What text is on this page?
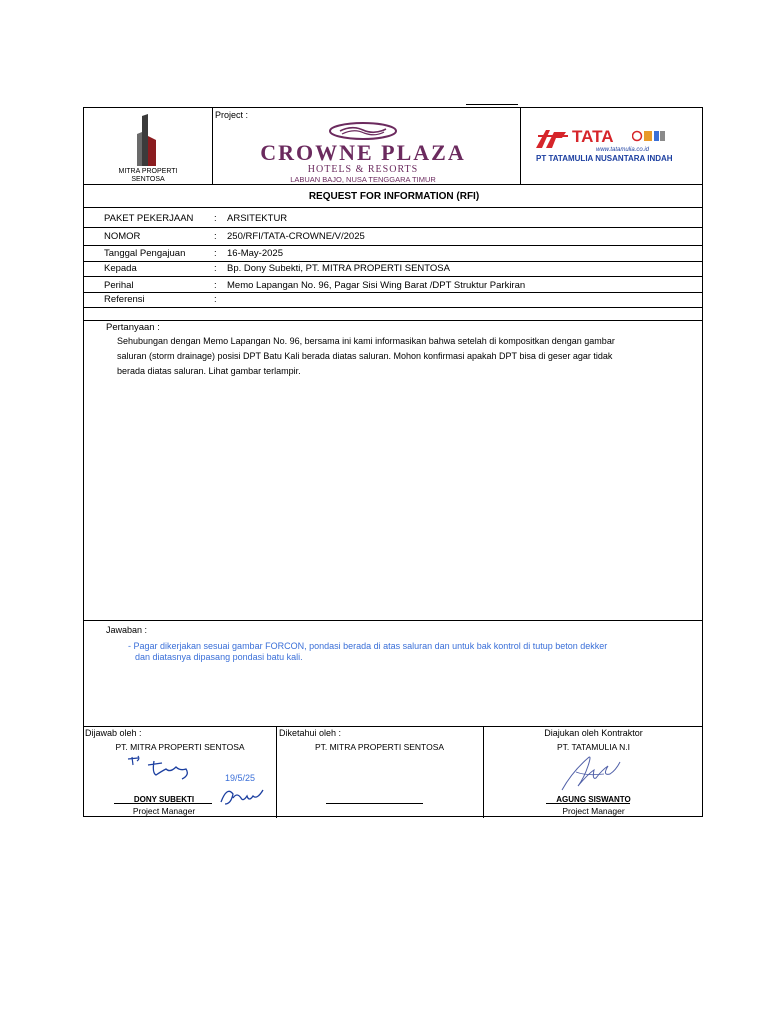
MITRA PROPERTI
SENTOSA
Project :
CROWNE PLAZA
HOTELS & RESORTS
LABUAN BAJO, NUSA TENGGARA TIMUR
TATA
www.tatamulia.co.id
PT TATAMULIA NUSANTARA INDAH
REQUEST FOR INFORMATION (RFI)
PAKET PEKERJAAN : ARSITEKTUR
NOMOR	: 250/RFI/TATA-CROWNE/V/2025
Tanggal Pengajuan	: 16-May-2025
Kepada	: Bp. Dony Subekti, PT. MITRA PROPERTI SENTOSA
Perihal	: Memo Lapangan No. 96, Pagar Sisi Wing Barat /DPT Struktur Parkiran
Referensi	:
Pertanyaan :
Sehubungan dengan Memo Lapangan No. 96, bersama ini kami informasikan bahwa setelah di kompositkan dengan gambar
saluran (storm drainage) posisi DPT Batu Kali berada diatas saluran. Mohon konfirmasi apakah DPT bisa di geser agar tidak
berada diatas saluran. Lihat gambar terlampir.
Jawaban :
- Pagar dikerjakan sesuai gambar FORCON, pondasi berada di atas saluran dan untuk bak kontrol di tutup beton dekker
dan diatasnya dipasang pondasi batu kali.
Dijawab oleh :
PT. MITRA PROPERTI SENTOSA
19/5/25
DONY SUBEKTI
Project Manager
Diketahui oleh :
PT. MITRA PROPERTI SENTOSA
Diajukan oleh Kontraktor
PT. TATAMULIA N.I
AGUNG SISWANTO
Project Manager
